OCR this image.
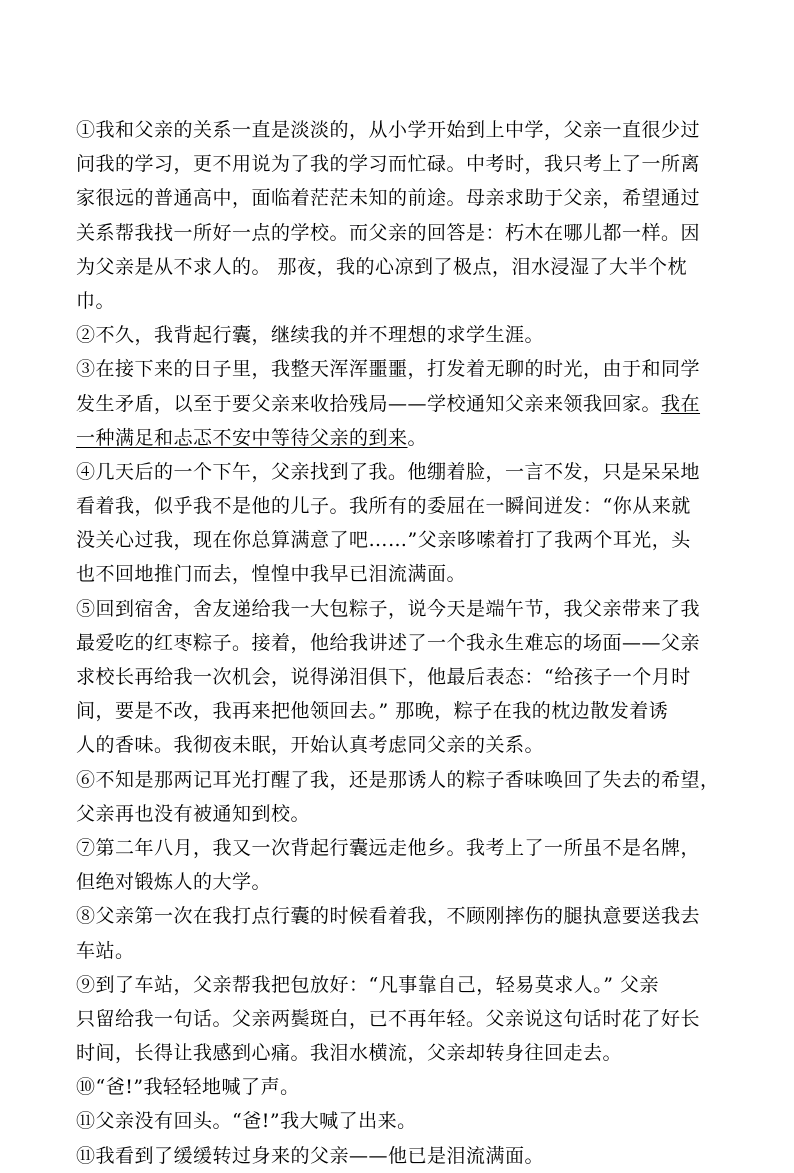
①我和父亲的关系一直是淡淡的，从小学开始到上中学，父亲一直很少过
问我的学习，更不用说为了我的学习而忙碌。中考时，我只考上了一所离
家很远的普通高中，面临着茫茫未知的前途。母亲求助于父亲，希望通过
关系帮我找一所好一点的学校。而父亲的回答是：朽木在哪儿都一样。因
为父亲是从不求人的。 那夜，我的心凉到了极点，泪水浸湿了大半个枕
巾。
②不久，我背起行囊，继续我的并不理想的求学生涯。
③在接下来的日子里，我整天浑浑噩噩，打发着无聊的时光，由于和同学
发生矛盾，以至于要父亲来收拾残局——学校通知父亲来领我回家。我在
一种满足和忐忑不安中等待父亲的到来。
④几天后的一个下午，父亲找到了我。他绷着脸，一言不发，只是呆呆地
看着我，似乎我不是他的儿子。我所有的委屈在一瞬间迸发：“你从来就
没关心过我，现在你总算满意了吧……”父亲哆嗦着打了我两个耳光，头
也不回地推门而去，惶惶中我早已泪流满面。
⑤回到宿舍，舍友递给我一大包粽子，说今天是端午节，我父亲带来了我
最爱吃的红枣粽子。接着，他给我讲述了一个我永生难忘的场面——父亲
求校长再给我一次机会，说得涕泪俱下，他最后表态：“给孩子一个月时
间，要是不改，我再来把他领回去。” 那晚，粽子在我的枕边散发着诱
人的香味。我彻夜未眠，开始认真考虑同父亲的关系。
⑥不知是那两记耳光打醒了我，还是那诱人的粽子香味唤回了失去的希望，
父亲再也没有被通知到校。
⑦第二年八月，我又一次背起行囊远走他乡。我考上了一所虽不是名牌，
但绝对锻炼人的大学。
⑧父亲第一次在我打点行囊的时候看着我，不顾刚摔伤的腿执意要送我去
车站。
⑨到了车站，父亲帮我把包放好：“凡事靠自己，轻易莫求人。” 父亲
只留给我一句话。父亲两鬓斑白，已不再年轻。父亲说这句话时花了好长
时间，长得让我感到心痛。我泪水横流，父亲却转身往回走去。
⑩“爸!”我轻轻地喊了声。
⑪父亲没有回头。“爸!”我大喊了出来。
⑪我看到了缓缓转过身来的父亲——他已是泪流满面。
